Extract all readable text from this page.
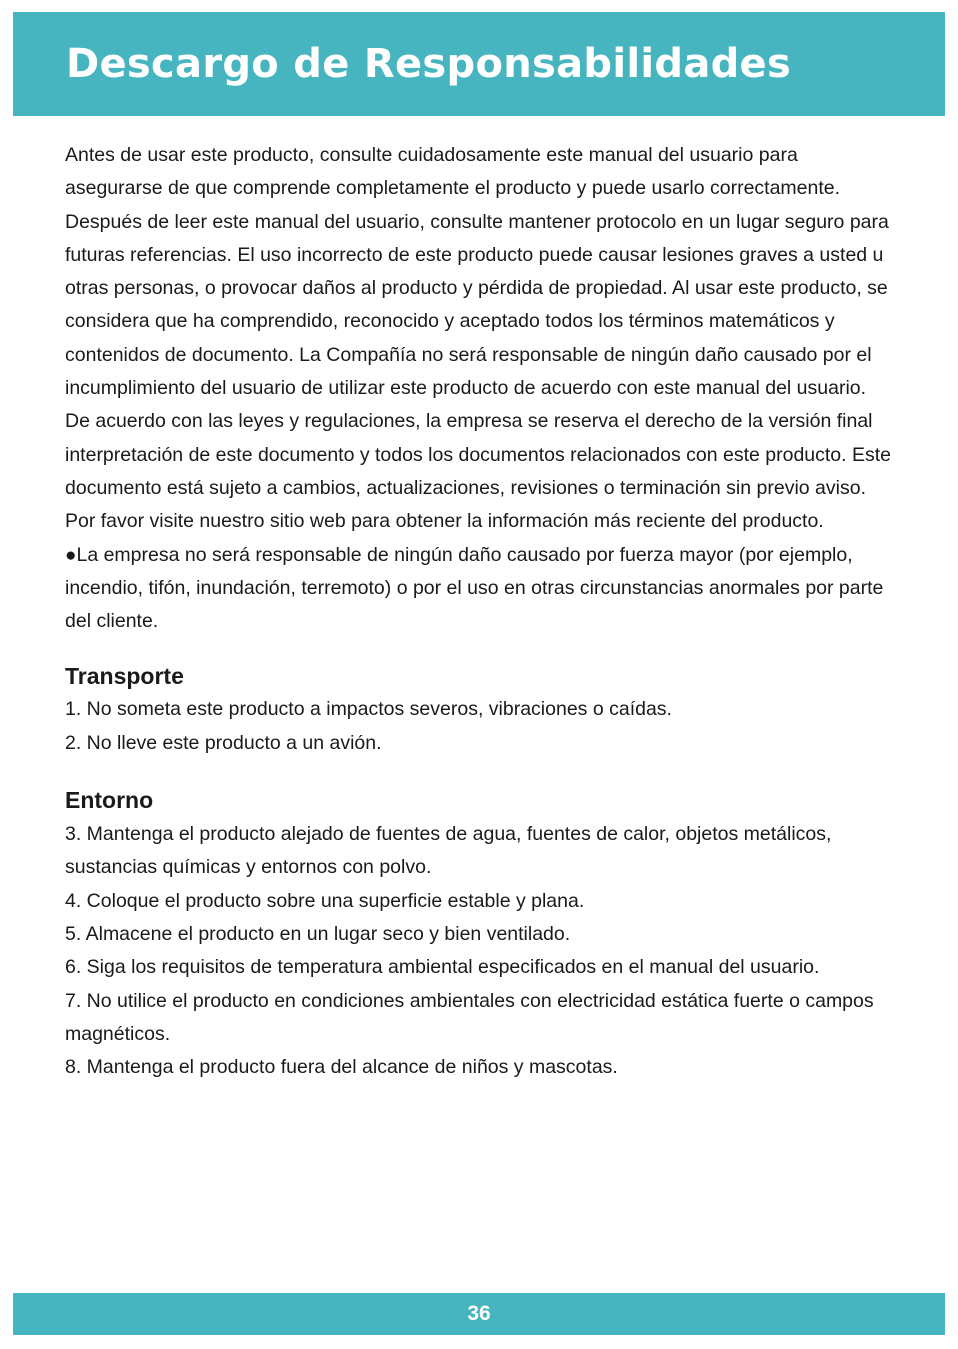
Descargo de Responsabilidades

Antes de usar este producto, consulte cuidadosamente este manual del usuario para asegurarse de que comprende completamente el producto y puede usarlo correctamente. Después de leer este manual del usuario, consulte mantener protocolo en un lugar seguro para futuras referencias. El uso incorrecto de este producto puede causar lesiones graves a usted u otras personas, o provocar daños al producto y pérdida de propiedad. Al usar este producto, se considera que ha comprendido, reconocido y aceptado todos los términos matemáticos y contenidos de documento. La Compañía no será responsable de ningún daño causado por el incumplimiento del usuario de utilizar este producto de acuerdo con este manual del usuario.

De acuerdo con las leyes y regulaciones, la empresa se reserva el derecho de la versión final interpretación de este documento y todos los documentos relacionados con este producto. Este documento está sujeto a cambios, actualizaciones, revisiones o terminación sin previo aviso. Por favor visite nuestro sitio web para obtener la información más reciente del producto.

●La empresa no será responsable de ningún daño causado por fuerza mayor (por ejemplo, incendio, tifón, inundación, terremoto) o por el uso en otras circunstancias anormales por parte del cliente.

Transporte

1. No someta este producto a impactos severos, vibraciones o caídas.

2. No lleve este producto a un avión.

Entorno

3. Mantenga el producto alejado de fuentes de agua, fuentes de calor, objetos metálicos, sustancias químicas y entornos con polvo.

4. Coloque el producto sobre una superficie estable y plana.

5. Almacene el producto en un lugar seco y bien ventilado.

6. Siga los requisitos de temperatura ambiental especificados en el manual del usuario.

7. No utilice el producto en condiciones ambientales con electricidad estática fuerte o campos magnéticos.

8. Mantenga el producto fuera del alcance de niños y mascotas.

36
